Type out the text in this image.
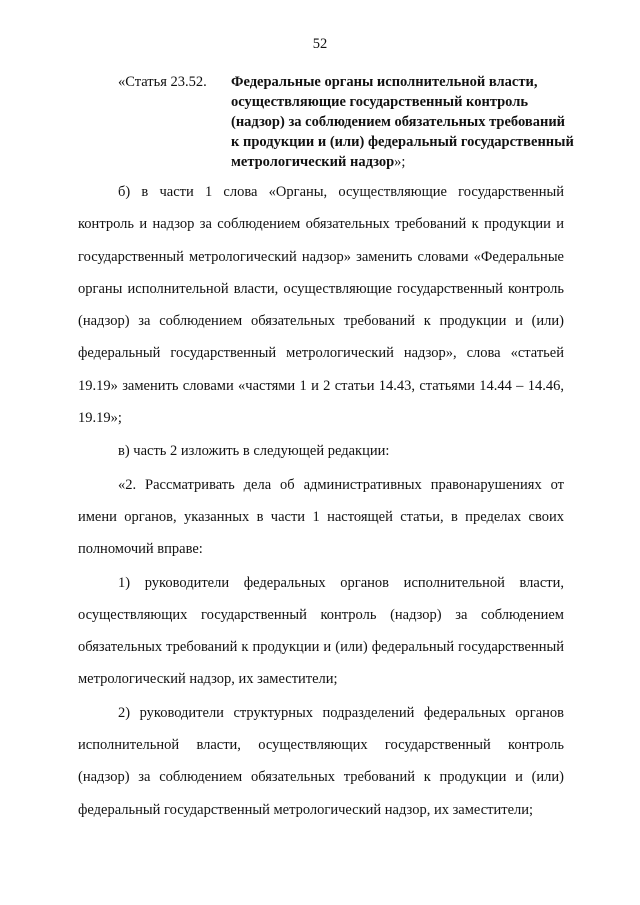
52
«Статья 23.52. Федеральные органы исполнительной власти, осуществляющие государственный контроль (надзор) за соблюдением обязательных требований к продукции и (или) федеральный государственный метрологический надзор»;

б) в части 1 слова «Органы, осуществляющие государственный контроль и надзор за соблюдением обязательных требований к продукции и государственный метрологический надзор» заменить словами «Федеральные органы исполнительной власти, осуществляющие государственный контроль (надзор) за соблюдением обязательных требований к продукции и (или) федеральный государственный метрологический надзор», слова «статьей 19.19» заменить словами «частями 1 и 2 статьи 14.43, статьями 14.44 – 14.46, 19.19»;

в) часть 2 изложить в следующей редакции:

«2. Рассматривать дела об административных правонарушениях от имени органов, указанных в части 1 настоящей статьи, в пределах своих полномочий вправе:

1) руководители федеральных органов исполнительной власти, осуществляющих государственный контроль (надзор) за соблюдением обязательных требований к продукции и (или) федеральный государственный метрологический надзор, их заместители;

2) руководители структурных подразделений федеральных органов исполнительной власти, осуществляющих государственный контроль (надзор) за соблюдением обязательных требований к продукции и (или) федеральный государственный метрологический надзор, их заместители;
